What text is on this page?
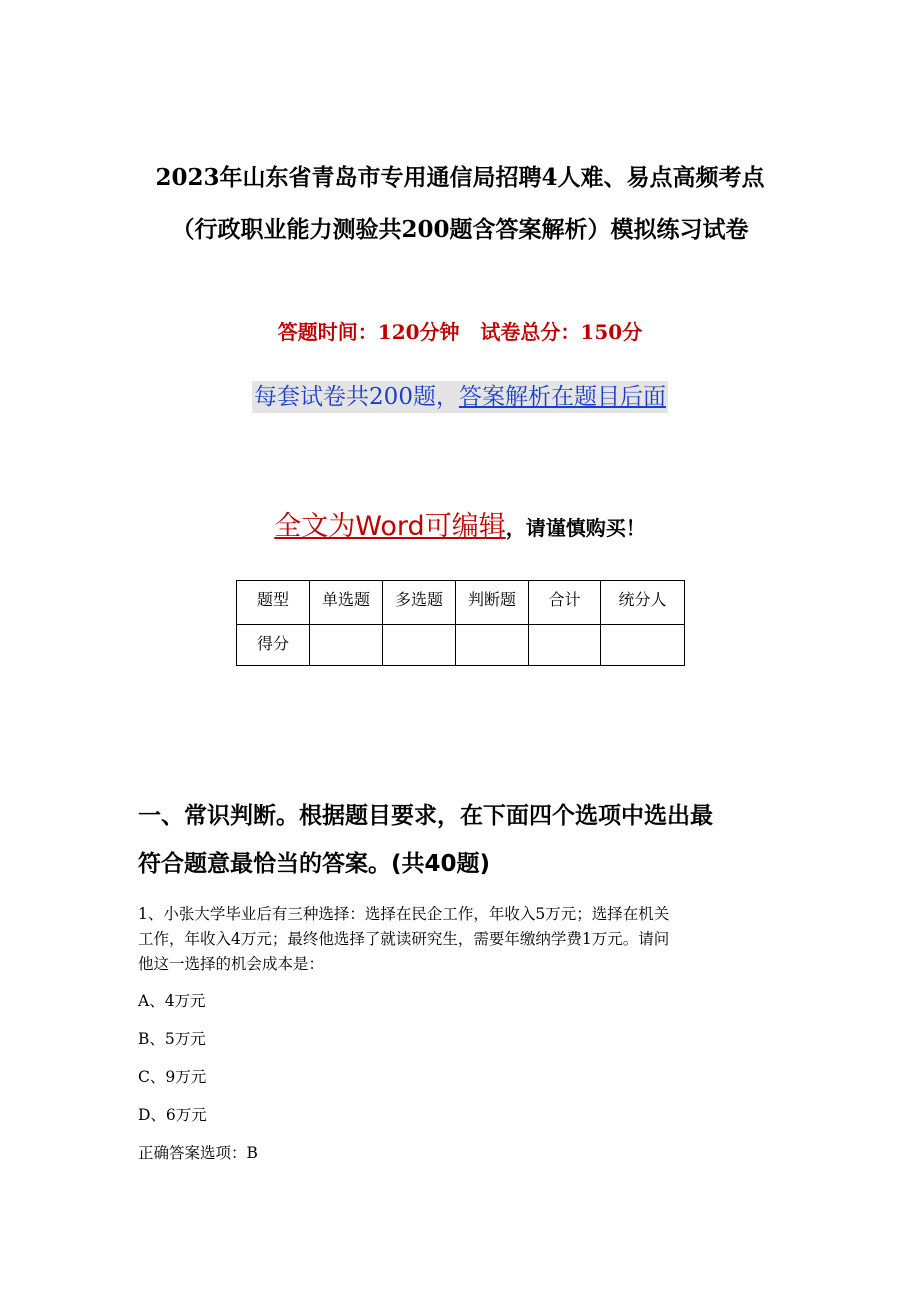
2023年山东省青岛市专用通信局招聘4人难、易点高频考点
（行政职业能力测验共200题含答案解析）模拟练习试卷
答题时间：120分钟   试卷总分：150分
每套试卷共200题，答案解析在题目后面
全文为Word可编辑，请谨慎购买！
题型	单选题	多选题	判断题	合计	统分人
得分					
一、常识判断。根据题目要求，在下面四个选项中选出最
符合题意最恰当的答案。(共40题)

1、小张大学毕业后有三种选择：选择在民企工作，年收入5万元；选择在机关
工作，年收入4万元；最终他选择了就读研究生，需要年缴纳学费1万元。请问
他这一选择的机会成本是：

A、4万元
B、5万元
C、9万元
D、6万元
正确答案选项：B
